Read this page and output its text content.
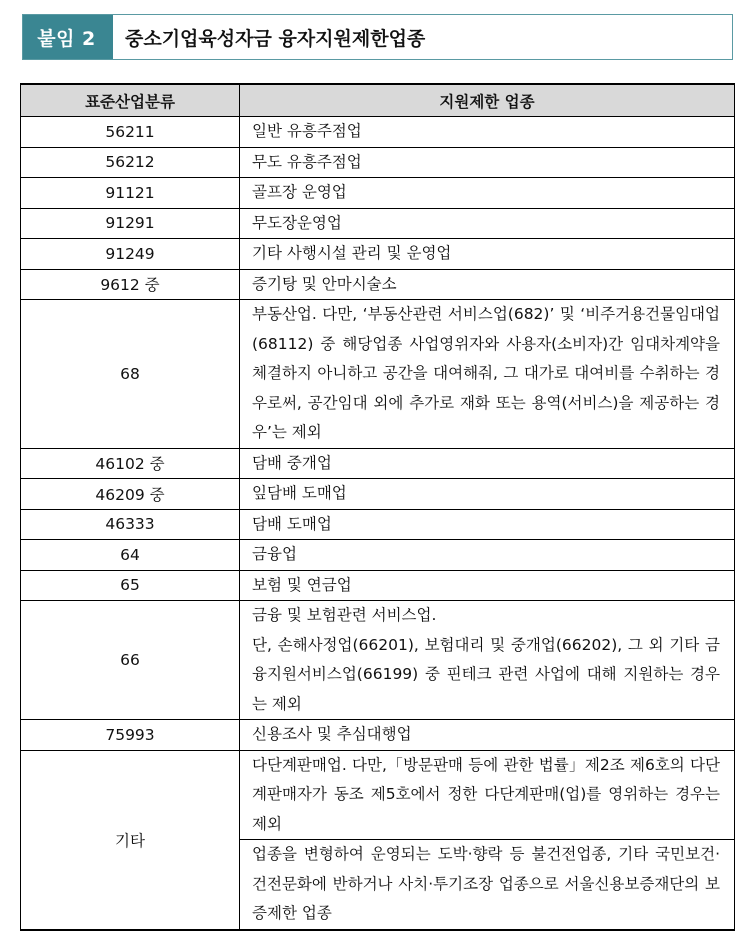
붙임 2	중소기업육성자금 융자지원제한업종
표준산업분류	지원제한 업종
56211	일반 유흥주점업

56212	무도 유흥주점업

91121	골프장 운영업

91291	무도장운영업

91249	기타 사행시설 관리 및 운영업

9612 중	증기탕 및 안마시술소

68	부동산업. 다만, ‘부동산관련 서비스업(682)’ 및 ‘비주거용건물임대업(68112) 중 해당업종 사업영위자와 사용자(소비자)간 임대차계약을 체결하지 아니하고 공간을 대여해줘, 그 대가로 대여비를 수취하는 경우로써, 공간임대 외에 추가로 재화 또는 용역(서비스)을 제공하는 경우’는 제외

46102 중	담배 중개업

46209 중	잎담배 도매업

46333	담배 도매업

64	금융업

65	보험 및 연금업

66	금융 및 보험관련 서비스업.
단, 손해사정업(66201), 보험대리 및 중개업(66202), 그 외 기타 금융지원서비스업(66199) 중 핀테크 관련 사업에 대해 지원하는 경우는 제외

75993	신용조사 및 추심대행업

기타	다단계판매업. 다만,「방문판매 등에 관한 법률」제2조 제6호의 다단계판매자가 동조 제5호에서 정한 다단계판매(업)를 영위하는 경우는 제외
	업종을 변형하여 운영되는 도박·향락 등 불건전업종, 기타 국민보건·건전문화에 반하거나 사치·투기조장 업종으로 서울신용보증재단의 보증제한 업종
